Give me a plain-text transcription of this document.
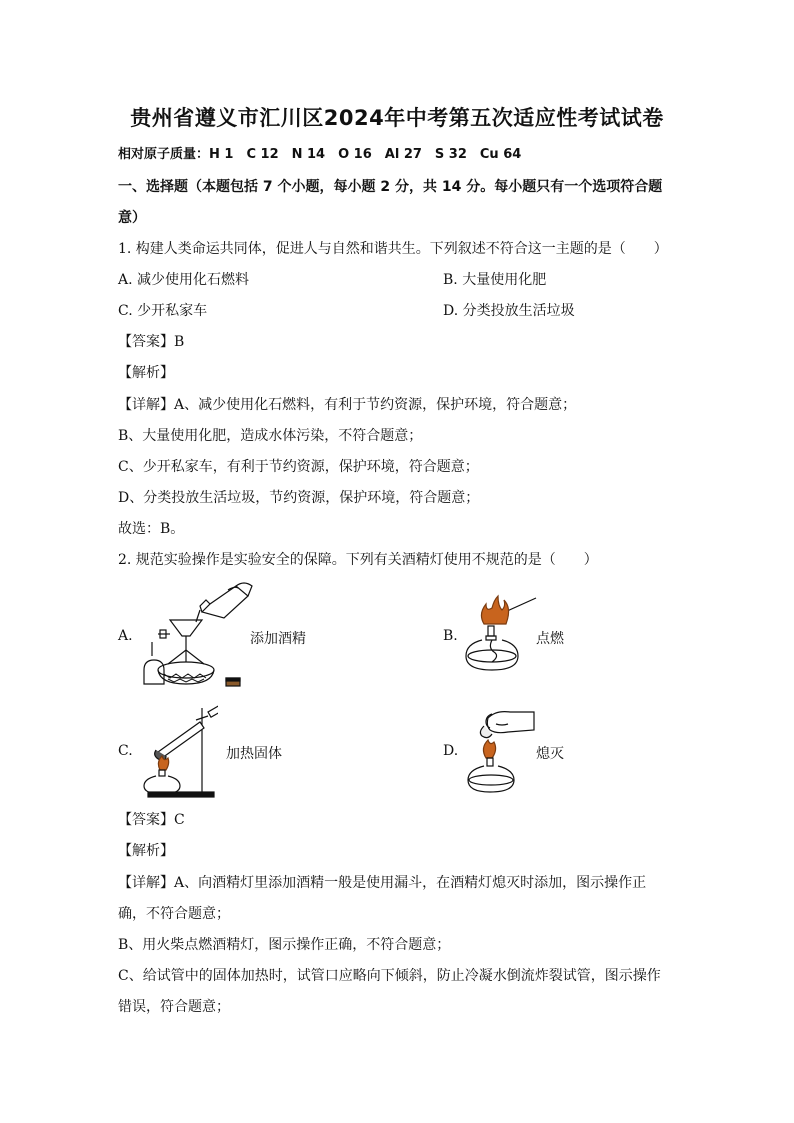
贵州省遵义市汇川区2024年中考第五次适应性考试试卷
相对原子质量：H 1　C 12　N 14　O 16　Al 27　S 32　Cu 64
一、选择题（本题包括 7 个小题，每小题 2 分，共 14 分。每小题只有一个选项符合题
意）
1. 构建人类命运共同体，促进人与自然和谐共生。下列叙述不符合这一主题的是（　　）
A. 减少使用化石燃料	B. 大量使用化肥
C. 少开私家车	D. 分类投放生活垃圾
【答案】B
【解析】
【详解】A、减少使用化石燃料，有利于节约资源，保护环境，符合题意；
B、大量使用化肥，造成水体污染，不符合题意；
C、少开私家车，有利于节约资源，保护环境，符合题意；
D、分类投放生活垃圾，节约资源，保护环境，符合题意；
故选：B。
2. 规范实验操作是实验安全的保障。下列有关酒精灯使用不规范的是（　　）
A.	添加酒精	B.	点燃
C.	加热固体	D.	熄灭
【答案】C
【解析】
【详解】A、向酒精灯里添加酒精一般是使用漏斗，在酒精灯熄灭时添加，图示操作正
确，不符合题意；
B、用火柴点燃酒精灯，图示操作正确，不符合题意；
C、给试管中的固体加热时，试管口应略向下倾斜，防止冷凝水倒流炸裂试管，图示操作
错误，符合题意；
